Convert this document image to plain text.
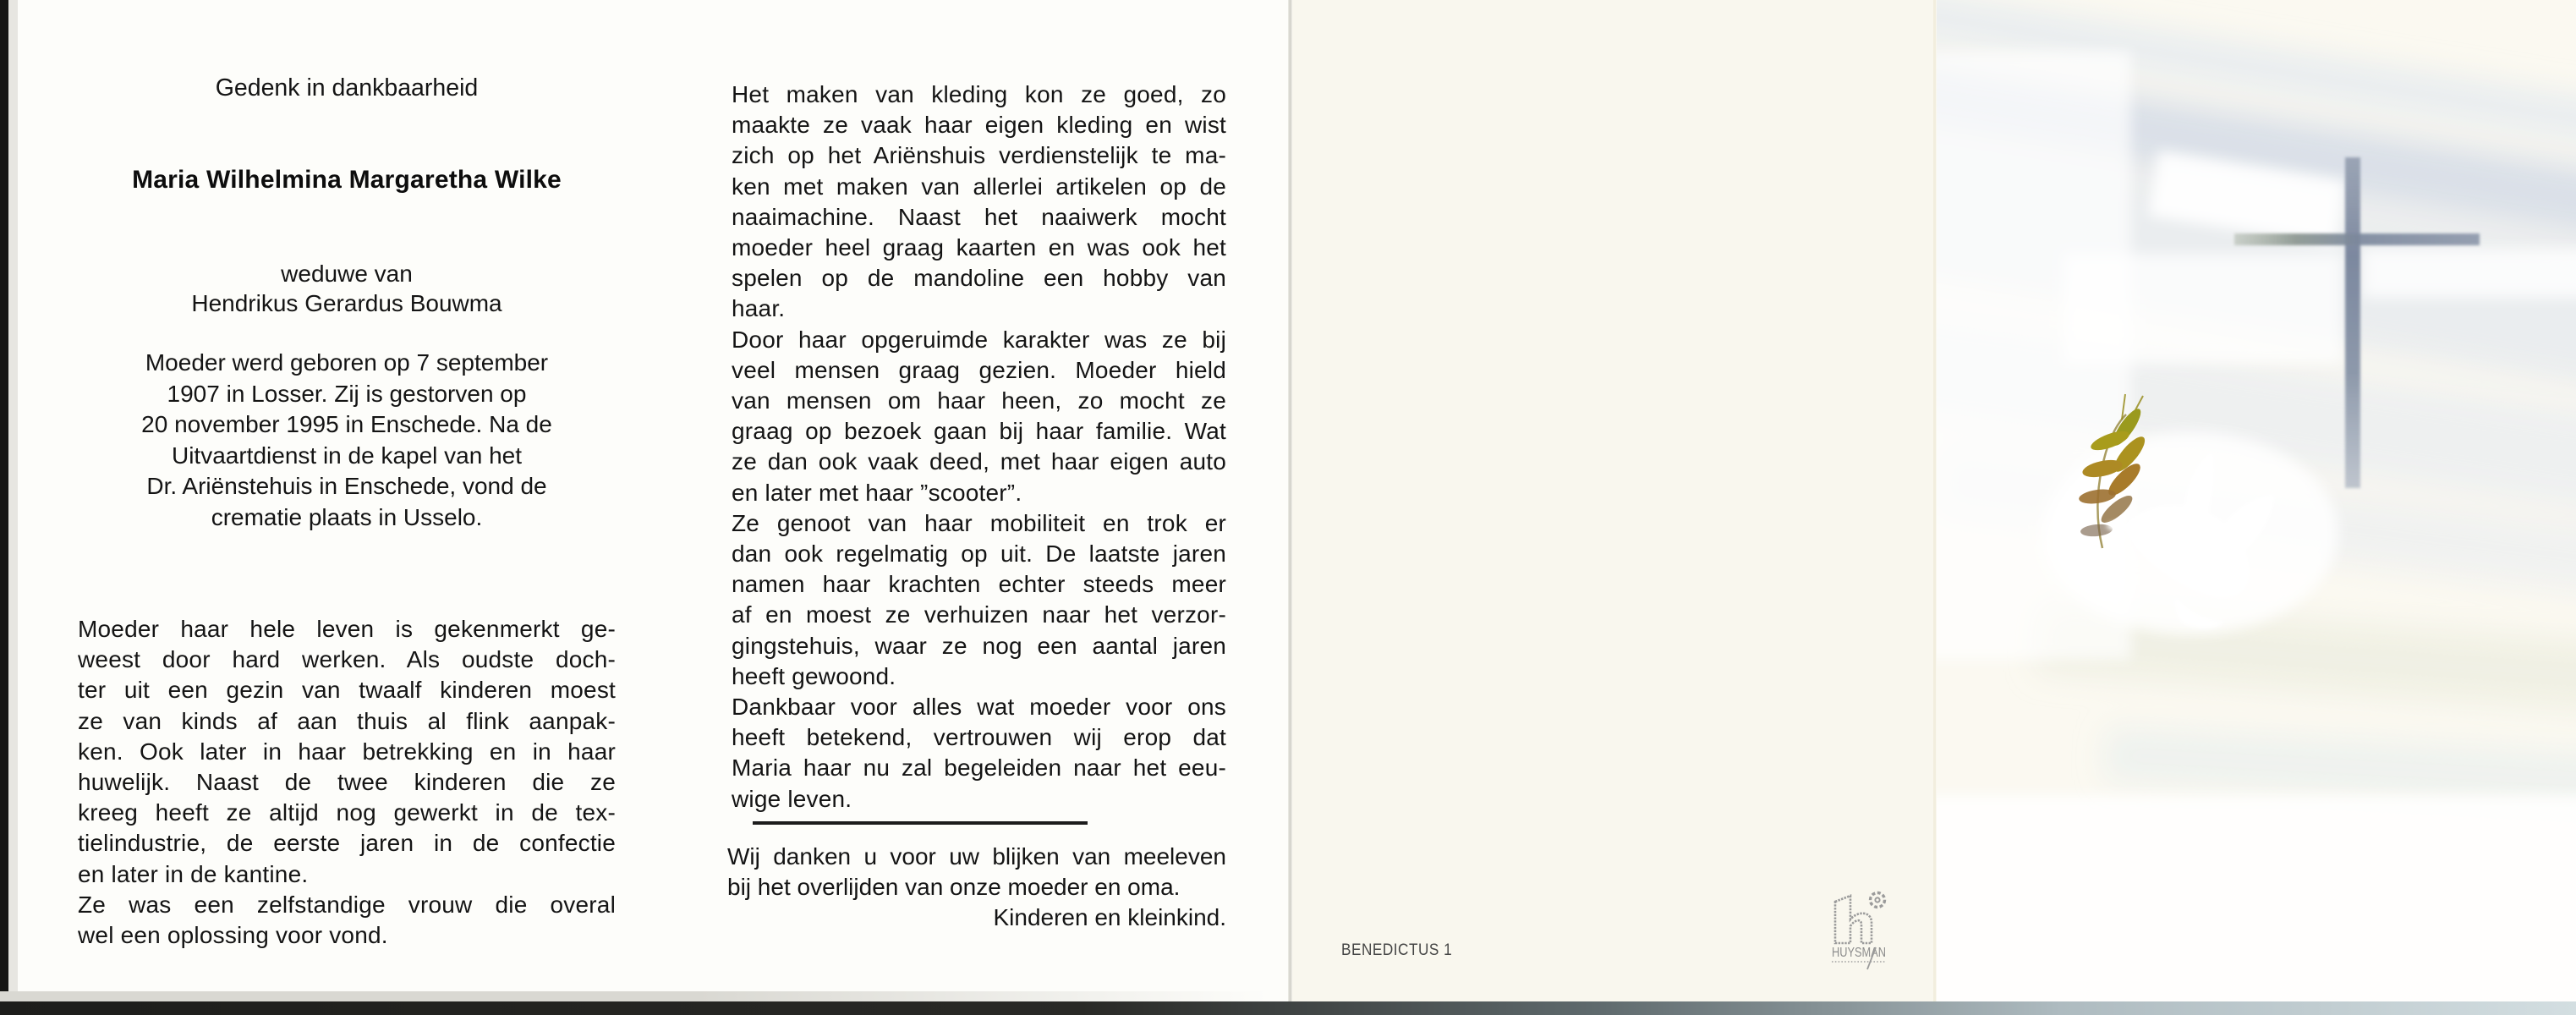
Gedenk in dankbaarheid
Maria Wilhelmina Margaretha Wilke
weduwe van
Hendrikus Gerardus Bouwma
Moeder werd geboren op 7 september
1907 in Losser. Zij is gestorven op
20 november 1995 in Enschede. Na de
Uitvaartdienst in de kapel van het
Dr. Ariënstehuis in Enschede, vond de
crematie plaats in Usselo.
Moeder haar hele leven is gekenmerkt ge-
weest door hard werken. Als oudste doch-
ter uit een gezin van twaalf kinderen moest
ze van kinds af aan thuis al flink aanpak-
ken. Ook later in haar betrekking en in haar
huwelijk. Naast de twee kinderen die ze
kreeg heeft ze altijd nog gewerkt in de tex-
tielindustrie, de eerste jaren in de confectie
en later in de kantine.
Ze was een zelfstandige vrouw die overal
wel een oplossing voor vond.
Het maken van kleding kon ze goed, zo
maakte ze vaak haar eigen kleding en wist
zich op het Ariënshuis verdienstelijk te ma-
ken met maken van allerlei artikelen op de
naaimachine. Naast het naaiwerk mocht
moeder heel graag kaarten en was ook het
spelen op de mandoline een hobby van
haar.
Door haar opgeruimde karakter was ze bij
veel mensen graag gezien. Moeder hield
van mensen om haar heen, zo mocht ze
graag op bezoek gaan bij haar familie. Wat
ze dan ook vaak deed, met haar eigen auto
en later met haar ”scooter”.
Ze genoot van haar mobiliteit en trok er
dan ook regelmatig op uit. De laatste jaren
namen haar krachten echter steeds meer
af en moest ze verhuizen naar het verzor-
gingstehuis, waar ze nog een aantal jaren
heeft gewoond.
Dankbaar voor alles wat moeder voor ons
heeft betekend, vertrouwen wij erop dat
Maria haar nu zal begeleiden naar het eeu-
wige leven.
Wij danken u voor uw blijken van meeleven
bij het overlijden van onze moeder en oma.
Kinderen en kleinkind.
BENEDICTUS 1	HUYSMAN
